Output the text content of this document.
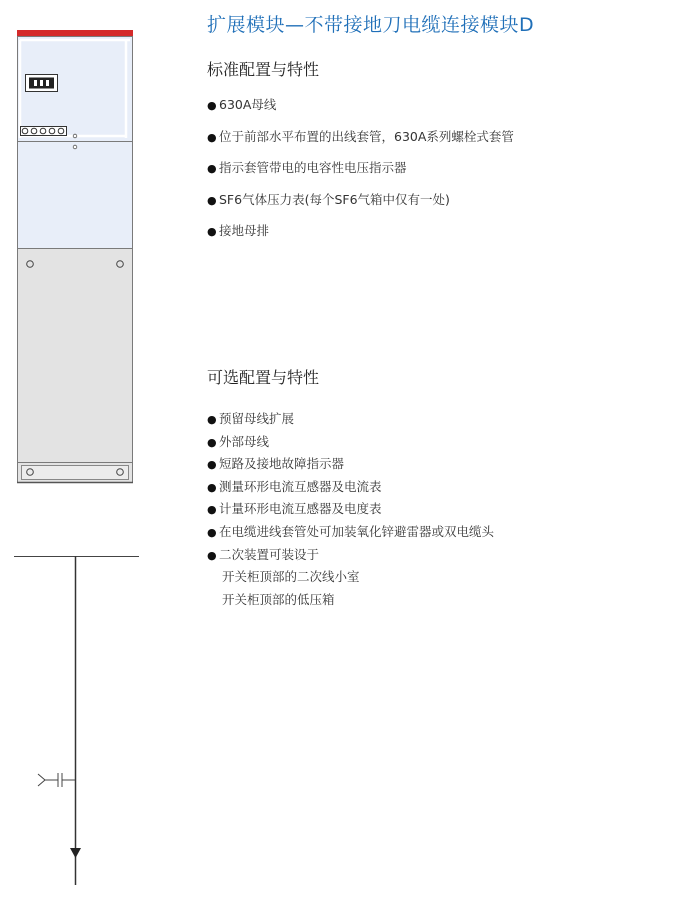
扩展模块—不带接地刀电缆连接模块D
标准配置与特性
● 630A母线
● 位于前部水平布置的出线套管，630A系列螺栓式套管
● 指示套管带电的电容性电压指示器
● SF6气体压力表(每个SF6气箱中仅有一处)
● 接地母排
可选配置与特性
● 预留母线扩展
● 外部母线
● 短路及接地故障指示器
● 测量环形电流互感器及电流表
● 计量环形电流互感器及电度表
● 在电缆进线套管处可加装氧化锌避雷器或双电缆头
● 二次装置可装设于
开关柜顶部的二次线小室
开关柜顶部的低压箱
